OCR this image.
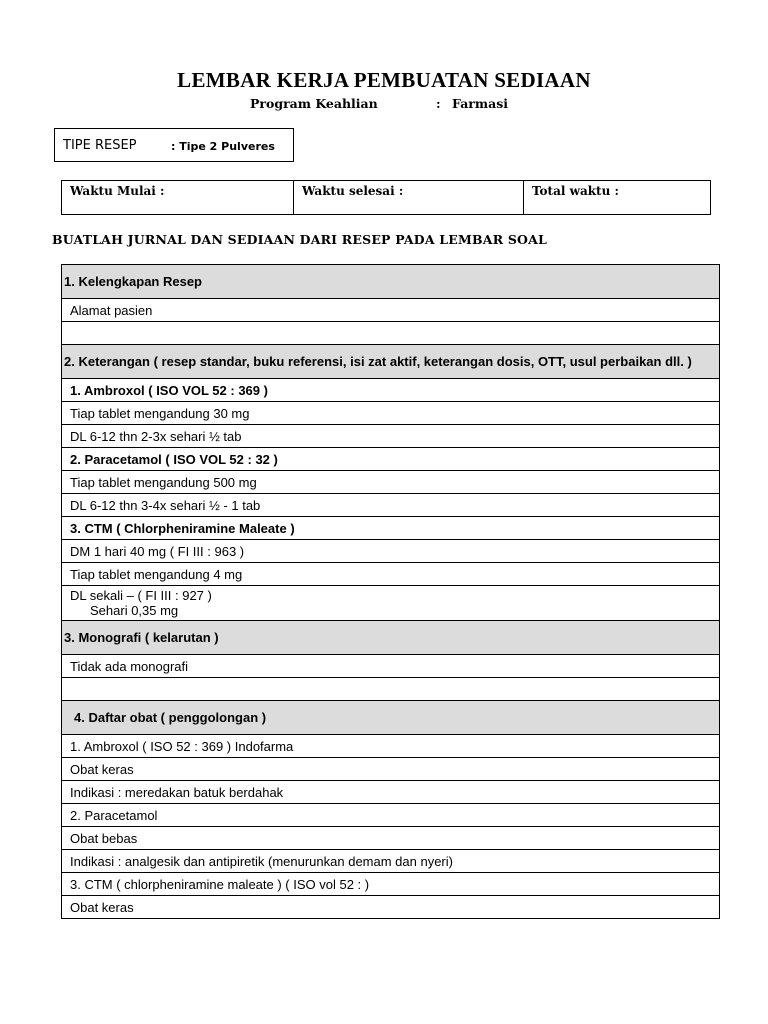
LEMBAR KERJA PEMBUATAN SEDIAAN
Program Keahlian	: Farmasi
TIPE RESEP	: Tipe 2 Pulveres
Waktu Mulai :	Waktu selesai :	Total waktu :
BUATLAH JURNAL DAN SEDIAAN DARI RESEP PADA LEMBAR SOAL
1. Kelengkapan Resep
Alamat pasien

2. Keterangan ( resep standar, buku referensi, isi zat aktif, keterangan dosis, OTT, usul perbaikan dll. )
1. Ambroxol ( ISO VOL 52 : 369 )
Tiap tablet mengandung 30 mg
DL 6-12 thn 2-3x sehari ½ tab
2. Paracetamol ( ISO VOL 52 : 32 )
Tiap tablet mengandung 500 mg
DL 6-12 thn 3-4x sehari ½ - 1 tab
3. CTM ( Chlorpheniramine Maleate )
DM 1 hari 40 mg ( FI III : 963 )
Tiap tablet mengandung 4 mg
DL sekali – ( FI III : 927 )
Sehari 0,35 mg

3. Monografi ( kelarutan )
Tidak ada monografi

4. Daftar obat ( penggolongan )
1. Ambroxol ( ISO 52 : 369 ) Indofarma
Obat keras
Indikasi : meredakan batuk berdahak
2. Paracetamol
Obat bebas
Indikasi : analgesik dan antipiretik (menurunkan demam dan nyeri)
3. CTM ( chlorpheniramine maleate ) ( ISO vol 52 : )
Obat keras
